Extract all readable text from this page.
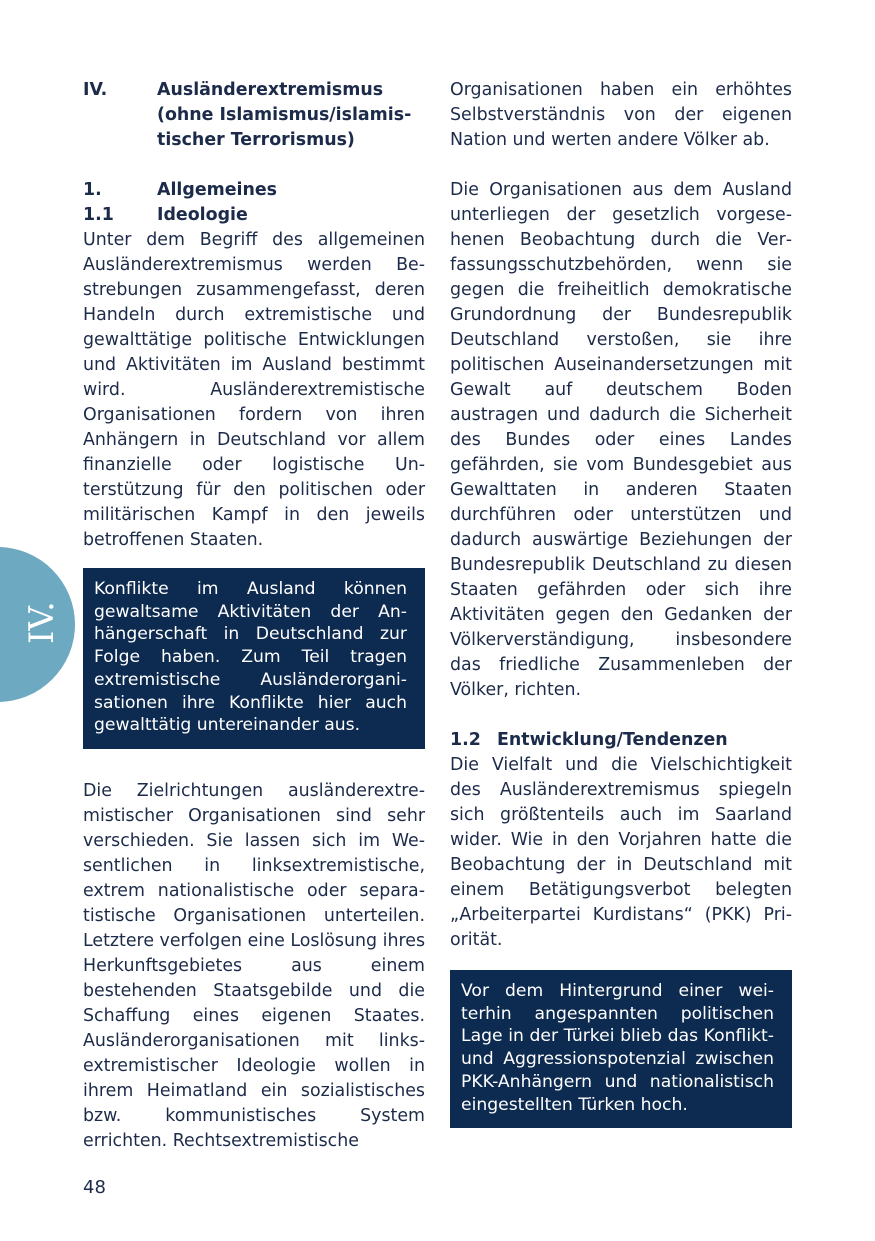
IV.
IV.	Ausländerextremismus
(ohne Islamismus/islamis-
tischer Terrorismus)
1.	Allgemeines
1.1	Ideologie

Unter dem Begriff des allgemeinen Ausländerextremismus werden Bestrebungen zusammengefasst, deren Handeln durch extremistische und gewalttätige politische Entwicklungen und Aktivitäten im Ausland bestimmt wird. Ausländerextremistische Organisationen fordern von ihren Anhängern in Deutschland vor allem finanzielle oder logistische Unterstützung für den politischen oder militärischen Kampf in den jeweils betroffenen Staaten.

Konflikte im Ausland können gewaltsame Aktivitäten der Anhängerschaft in Deutschland zur Folge haben. Zum Teil tragen extremistische Ausländerorganisationen ihre Konflikte hier auch gewalttätig untereinander aus.

Die Zielrichtungen ausländerextremistischer Organisationen sind sehr verschieden. Sie lassen sich im Wesentlichen in linksextremistische, extrem nationalistische oder separatistische Organisationen unterteilen. Letztere verfolgen eine Loslösung ihres Herkunftsgebietes aus einem bestehenden Staatsgebilde und die Schaffung eines eigenen Staates. Ausländerorganisationen mit linksextremistischer Ideologie wollen in ihrem Heimatland ein sozialistisches bzw. kommunistisches System errichten. Rechtsextremistische

Organisationen haben ein erhöhtes Selbstverständnis von der eigenen Nation und werten andere Völker ab.

Die Organisationen aus dem Ausland unterliegen der gesetzlich vorgesehenen Beobachtung durch die Verfassungsschutzbehörden, wenn sie gegen die freiheitlich demokratische Grundordnung der Bundesrepublik Deutschland verstoßen, sie ihre politischen Auseinandersetzungen mit Gewalt auf deutschem Boden austragen und dadurch die Sicherheit des Bundes oder eines Landes gefährden, sie vom Bundesgebiet aus Gewalttaten in anderen Staaten durchführen oder unterstützen und dadurch auswärtige Beziehungen der Bundesrepublik Deutschland zu diesen Staaten gefährden oder sich ihre Aktivitäten gegen den Gedanken der Völkerverständigung, insbesondere das friedliche Zusammenleben der Völker, richten.

1.2 Entwicklung/Tendenzen

Die Vielfalt und die Vielschichtigkeit des Ausländerextremismus spiegeln sich größtenteils auch im Saarland wider. Wie in den Vorjahren hatte die Beobachtung der in Deutschland mit einem Betätigungsverbot belegten „Arbeiterpartei Kurdistans“ (PKK) Priorität.

Vor dem Hintergrund einer weiterhin angespannten politischen Lage in der Türkei blieb das Konflikt- und Aggressionspotenzial zwischen PKK-Anhängern und nationalistisch eingestellten Türken hoch.

48
